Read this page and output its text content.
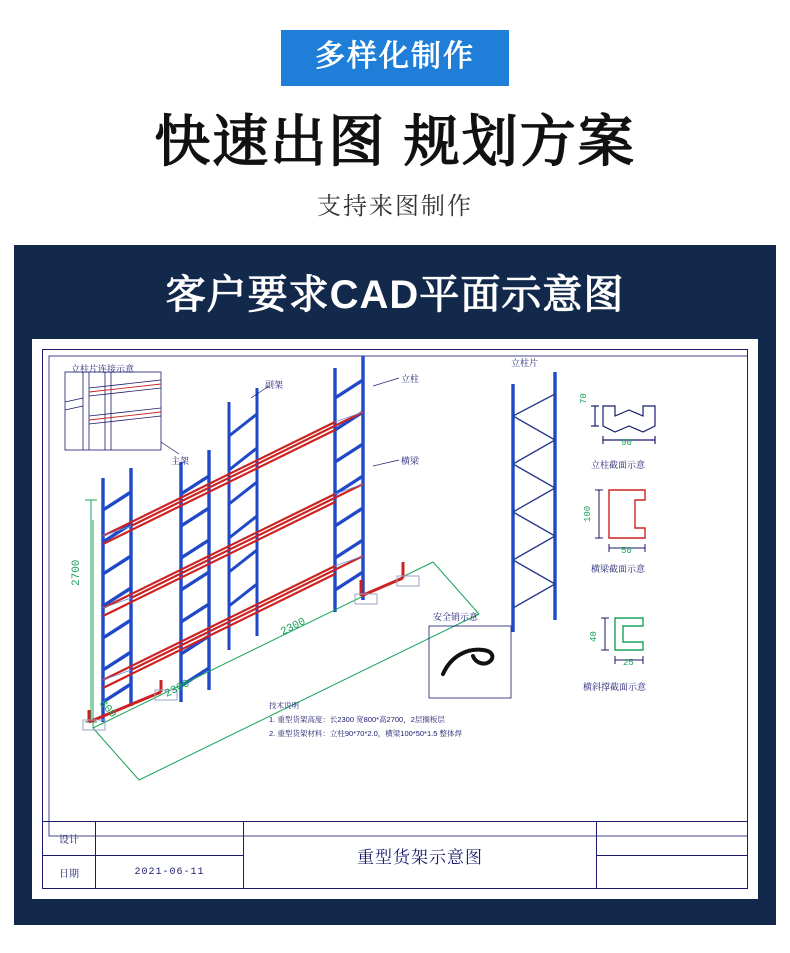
多样化制作
快速出图 规划方案
支持来图制作
客户要求CAD平面示意图
立柱片连接示意
主架
副架
立柱
横梁
立柱片
安全销示意
立柱截面示意
横梁截面示意
横斜撑截面示意
2700
2300
2300
800
70
90
100
50
40
25
技术说明
1. 重型货架高度：长2300 宽800*高2700，2层搁板层
2. 重型货架材料：立柱90*70*2.0，横梁100*50*1.5 整体焊
设计
日期	2021-06-11
重型货架示意图
